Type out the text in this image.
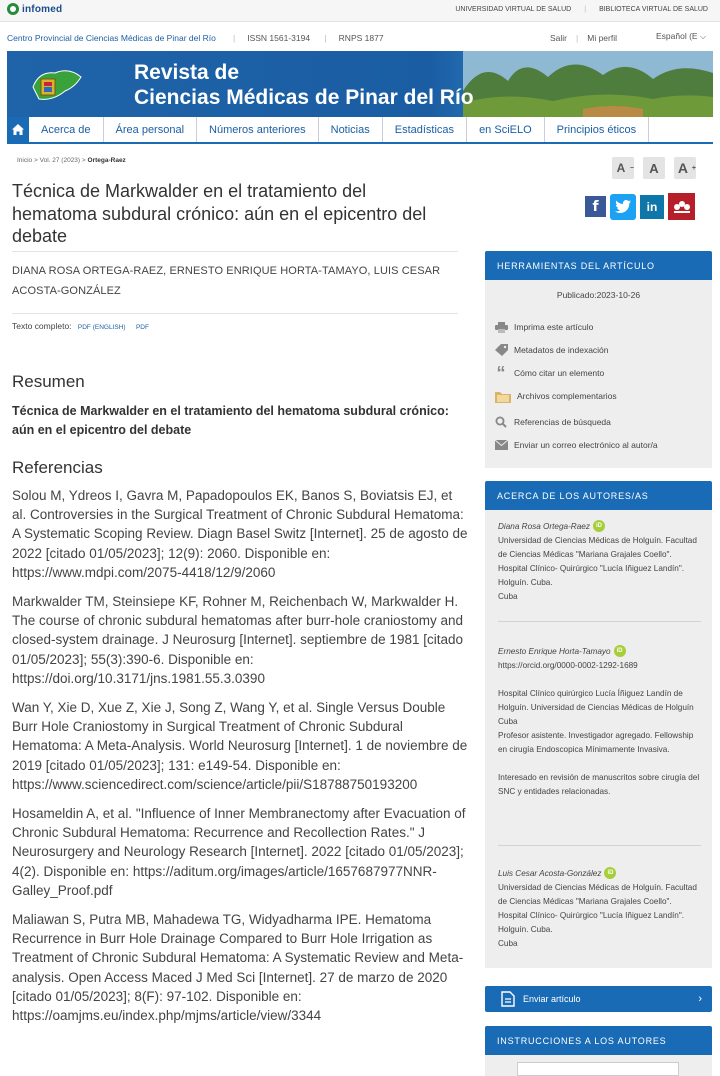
infomed	UNIVERSIDAD VIRTUAL DE SALUD | BIBLIOTECA VIRTUAL DE SALUD
Centro Provincial de Ciencias Médicas de Pinar del Río | ISSN 1561-3194 | RNPS 1877	Salir | Mi perfil	Español (E ⌵
Revista de
Ciencias Médicas de Pinar del Río
Acerca de	Área personal	Números anteriores	Noticias	Estadísticas	en SciELO	Principios éticos
Inicio > Vol. 27 (2023) > Ortega-Raez
Técnica de Markwalder en el tratamiento del hematoma subdural crónico: aún en el epicentro del debate
DIANA ROSA ORTEGA-RAEZ, ERNESTO ENRIQUE HORTA-TAMAYO, LUIS CESAR ACOSTA-GONZÁLEZ
Texto completo: PDF (ENGLISH) PDF
Resumen
Técnica de Markwalder en el tratamiento del hematoma subdural crónico: aún en el epicentro del debate
Referencias

Solou M, Ydreos I, Gavra M, Papadopoulos EK, Banos S, Boviatsis EJ, et al. Controversies in the Surgical Treatment of Chronic Subdural Hematoma: A Systematic Scoping Review. Diagn Basel Switz [Internet]. 25 de agosto de 2022 [citado 01/05/2023]; 12(9): 2060. Disponible en: https://www.mdpi.com/2075-4418/12/9/2060

Markwalder TM, Steinsiepe KF, Rohner M, Reichenbach W, Markwalder H. The course of chronic subdural hematomas after burr-hole craniostomy and closed-system drainage. J Neurosurg [Internet]. septiembre de 1981 [citado 01/05/2023]; 55(3):390-6. Disponible en: https://doi.org/10.3171/jns.1981.55.3.0390

Wan Y, Xie D, Xue Z, Xie J, Song Z, Wang Y, et al. Single Versus Double Burr Hole Craniostomy in Surgical Treatment of Chronic Subdural Hematoma: A Meta-Analysis. World Neurosurg [Internet]. 1 de noviembre de 2019 [citado 01/05/2023]; 131: e149-54. Disponible en: https://www.sciencedirect.com/science/article/pii/S18788750193200

Hosameldin A, et al. "Influence of Inner Membranectomy after Evacuation of Chronic Subdural Hematoma: Recurrence and Recollection Rates." J Neurosurgery and Neurology Research [Internet]. 2022 [citado 01/05/2023]; 4(2). Disponible en: https://aditum.org/images/article/1657687977NNR-Galley_Proof.pdf

Maliawan S, Putra MB, Mahadewa TG, Widyadharma IPE. Hematoma Recurrence in Burr Hole Drainage Compared to Burr Hole Irrigation as Treatment of Chronic Subdural Hematoma: A Systematic Review and Meta-analysis. Open Access Maced J Med Sci [Internet]. 27 de marzo de 2020 [citado 01/05/2023]; 8(F): 97-102. Disponible en: https://oamjms.eu/index.php/mjms/article/view/3344

A −	A	A +
f	in
HERRAMIENTAS DEL ARTÍCULO
Publicado:2023-10-26
Imprima este artículo
Metadatos de indexación
“ Cómo citar un elemento
Archivos complementarios
Referencias de búsqueda
Enviar un correo electrónico al autor/a
ACERCA DE LOS AUTORES/AS
Diana Rosa Ortega-Raez iD
Universidad de Ciencias Médicas de Holguín. Facultad de Ciencias Médicas "Mariana Grajales Coello". Hospital Clínico- Quirúrgico "Lucía Iñiguez Landín". Holguín. Cuba.
Cuba
Ernesto Enrique Horta-Tamayo iD
https://orcid.org/0000-0002-1292-1689
Hospital Clínico quirúrgico Lucía Íñiguez Landín de Holguín. Universidad de Ciencias Médicas de Holguín
Cuba
Profesor asistente. Investigador agregado. Fellowship en cirugía Endoscopica Mínimamente Invasiva.
Interesado en revisión de manuscritos sobre cirugía del SNC y entidades relacionadas.
Luis Cesar Acosta-González iD
Universidad de Ciencias Médicas de Holguín. Facultad de Ciencias Médicas "Mariana Grajales Coello". Hospital Clínico- Quirúrgico "Lucía Iñiguez Landín". Holguín. Cuba.
Cuba
Enviar artículo	›
INSTRUCCIONES A LOS AUTORES
